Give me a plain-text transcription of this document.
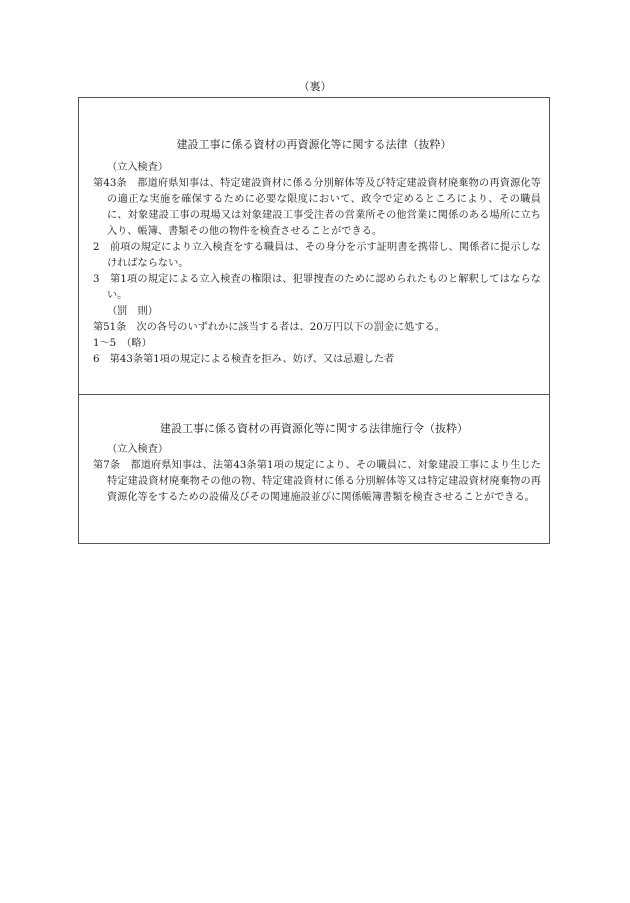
（裏）

建設工事に係る資材の再資源化等に関する法律（抜粋）

（立入検査）

第43条　都道府県知事は、特定建設資材に係る分別解体等及び特定建設資材廃棄物の再資源化等の適正な実施を確保するために必要な限度において、政令で定めるところにより、その職員に、対象建設工事の現場又は対象建設工事受注者の営業所その他営業に関係のある場所に立ち入り、帳簿、書類その他の物件を検査させることができる。

2　前項の規定により立入検査をする職員は、その身分を示す証明書を携帯し、関係者に提示しなければならない。

3　第1項の規定による立入検査の権限は、犯罪捜査のために認められたものと解釈してはならない。

（罰　則）

第51条　次の各号のいずれかに該当する者は、20万円以下の罰金に処する。

1～5　（略）

6　第43条第1項の規定による検査を拒み、妨げ、又は忌避した者

建設工事に係る資材の再資源化等に関する法律施行令（抜粋）

（立入検査）

第7条　都道府県知事は、法第43条第1項の規定により、その職員に、対象建設工事により生じた特定建設資材廃棄物その他の物、特定建設資材に係る分別解体等又は特定建設資材廃棄物の再資源化等をするための設備及びその関連施設並びに関係帳簿書類を検査させることができる。
